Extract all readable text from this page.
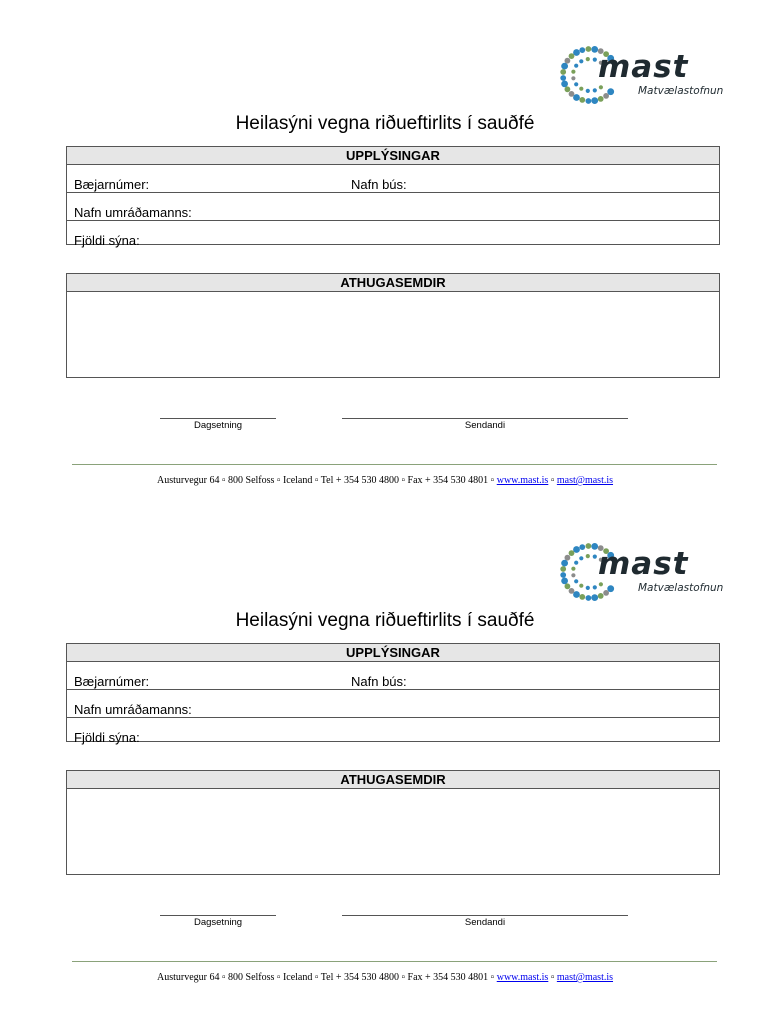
mast
Matvælastofnun
Heilasýni vegna riðueftirlits í sauðfé
UPPLÝSINGAR
Bæjarnúmer:	Nafn bús:
Nafn umráðamanns:
Fjöldi sýna:
ATHUGASEMDIR
Dagsetning	Sendandi
Austurvegur 64 ▫ 800 Selfoss ▫ Iceland ▫ Tel + 354 530 4800 ▫ Fax + 354 530 4801 ▫ www.mast.is ▫ mast@mast.is
mast
Matvælastofnun
Heilasýni vegna riðueftirlits í sauðfé
UPPLÝSINGAR
Bæjarnúmer:	Nafn bús:
Nafn umráðamanns:
Fjöldi sýna:
ATHUGASEMDIR
Dagsetning	Sendandi
Austurvegur 64 ▫ 800 Selfoss ▫ Iceland ▫ Tel + 354 530 4800 ▫ Fax + 354 530 4801 ▫ www.mast.is ▫ mast@mast.is
